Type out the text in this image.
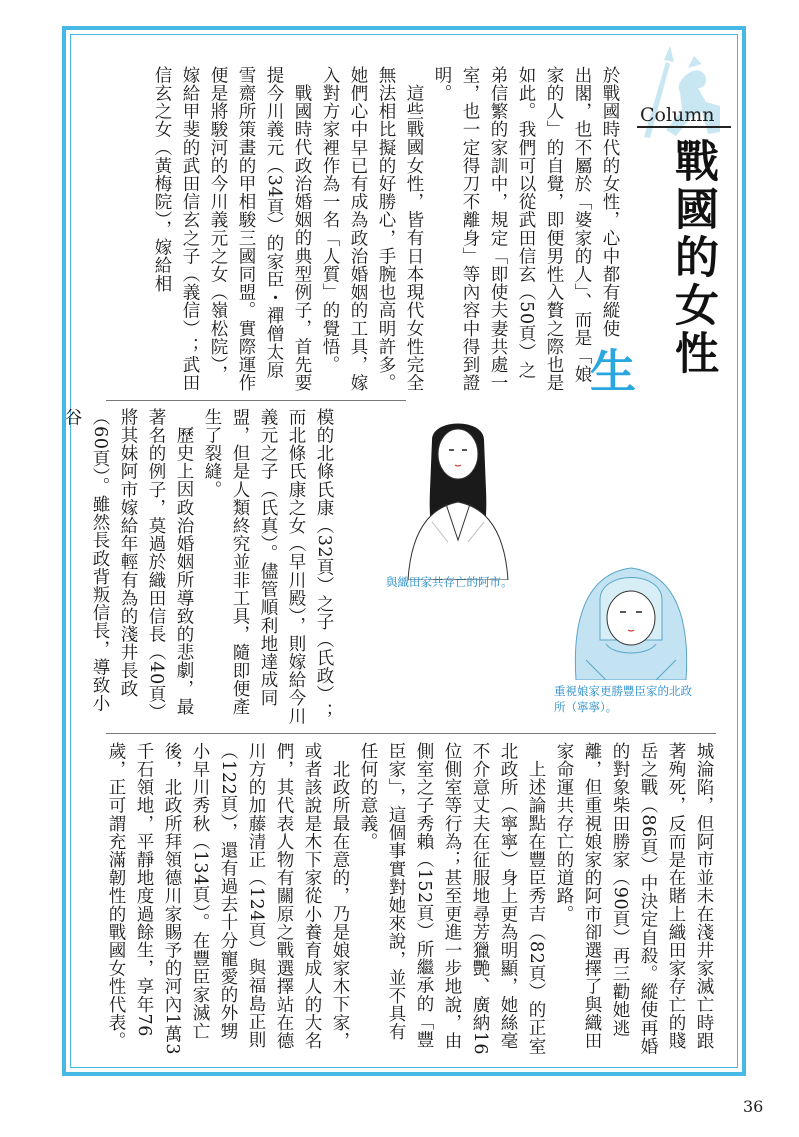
Column
戰國的女性

生
於戰國時代的女性，心中都有縱使出閣，也不屬於「婆家的人」、而是「娘家的人」的自覺，即便男性入贅之際也是如此。我們可以從武田信玄（50頁）之弟信繁的家訓中，規定「即使夫妻共處一室，也一定得刀不離身」等內容中得到證明。

這些戰國女性，皆有日本現代女性完全無法相比擬的好勝心，手腕也高明許多。她們心中早已有成為政治婚姻的工具，嫁入對方家裡作為一名「人質」的覺悟。

戰國時代政治婚姻的典型例子，首先要提今川義元（34頁）的家臣・禪僧太原雪齋所策畫的甲相駿三國同盟。實際運作便是將駿河的今川義元之女（嶺松院），嫁給甲斐的武田信玄之子（義信）；武田信玄之女（黃梅院），嫁給相

與織田家共存亡的阿市。

模的北條氏康（32頁）之子（氏政）；而北條氏康之女（早川殿），則嫁給今川義元之子（氏真）。儘管順利地達成同盟，但是人類終究並非工具，隨即便產生了裂縫。

歷史上因政治婚姻所導致的悲劇，最著名的例子，莫過於織田信長（40頁）將其妹阿市嫁給年輕有為的淺井長政（60頁）。雖然長政背叛信長，導致小谷

重視娘家更勝豐臣家的北政所（寧寧）。

城淪陷，但阿市並未在淺井家滅亡時跟著殉死，反而是在賭上織田家存亡的賤岳之戰（86頁）中決定自殺。縱使再婚的對象柴田勝家（90頁）再三勸她逃離，但重視娘家的阿市卻選擇了與織田家命運共存亡的道路。

上述論點在豐臣秀吉（82頁）的正室北政所（寧寧）身上更為明顯，她絲毫不介意丈夫在征服地尋芳獵艷、廣納16位側室等行為；甚至更進一步地說，由側室之子秀賴（152頁）所繼承的「豐臣家」，這個事實對她來說，並不具有任何的意義。

北政所最在意的，乃是娘家木下家，或者該說是木下家從小養育成人的大名們，其代表人物有關原之戰選擇站在德川方的加藤清正（124頁）與福島正則（122頁），還有過去十分寵愛的外甥小早川秀秋（134頁）。在豐臣家滅亡後，北政所拜領德川家賜予的河內1萬3千石領地，平靜地度過餘生，享年76歲，正可謂充滿韌性的戰國女性代表。

36
